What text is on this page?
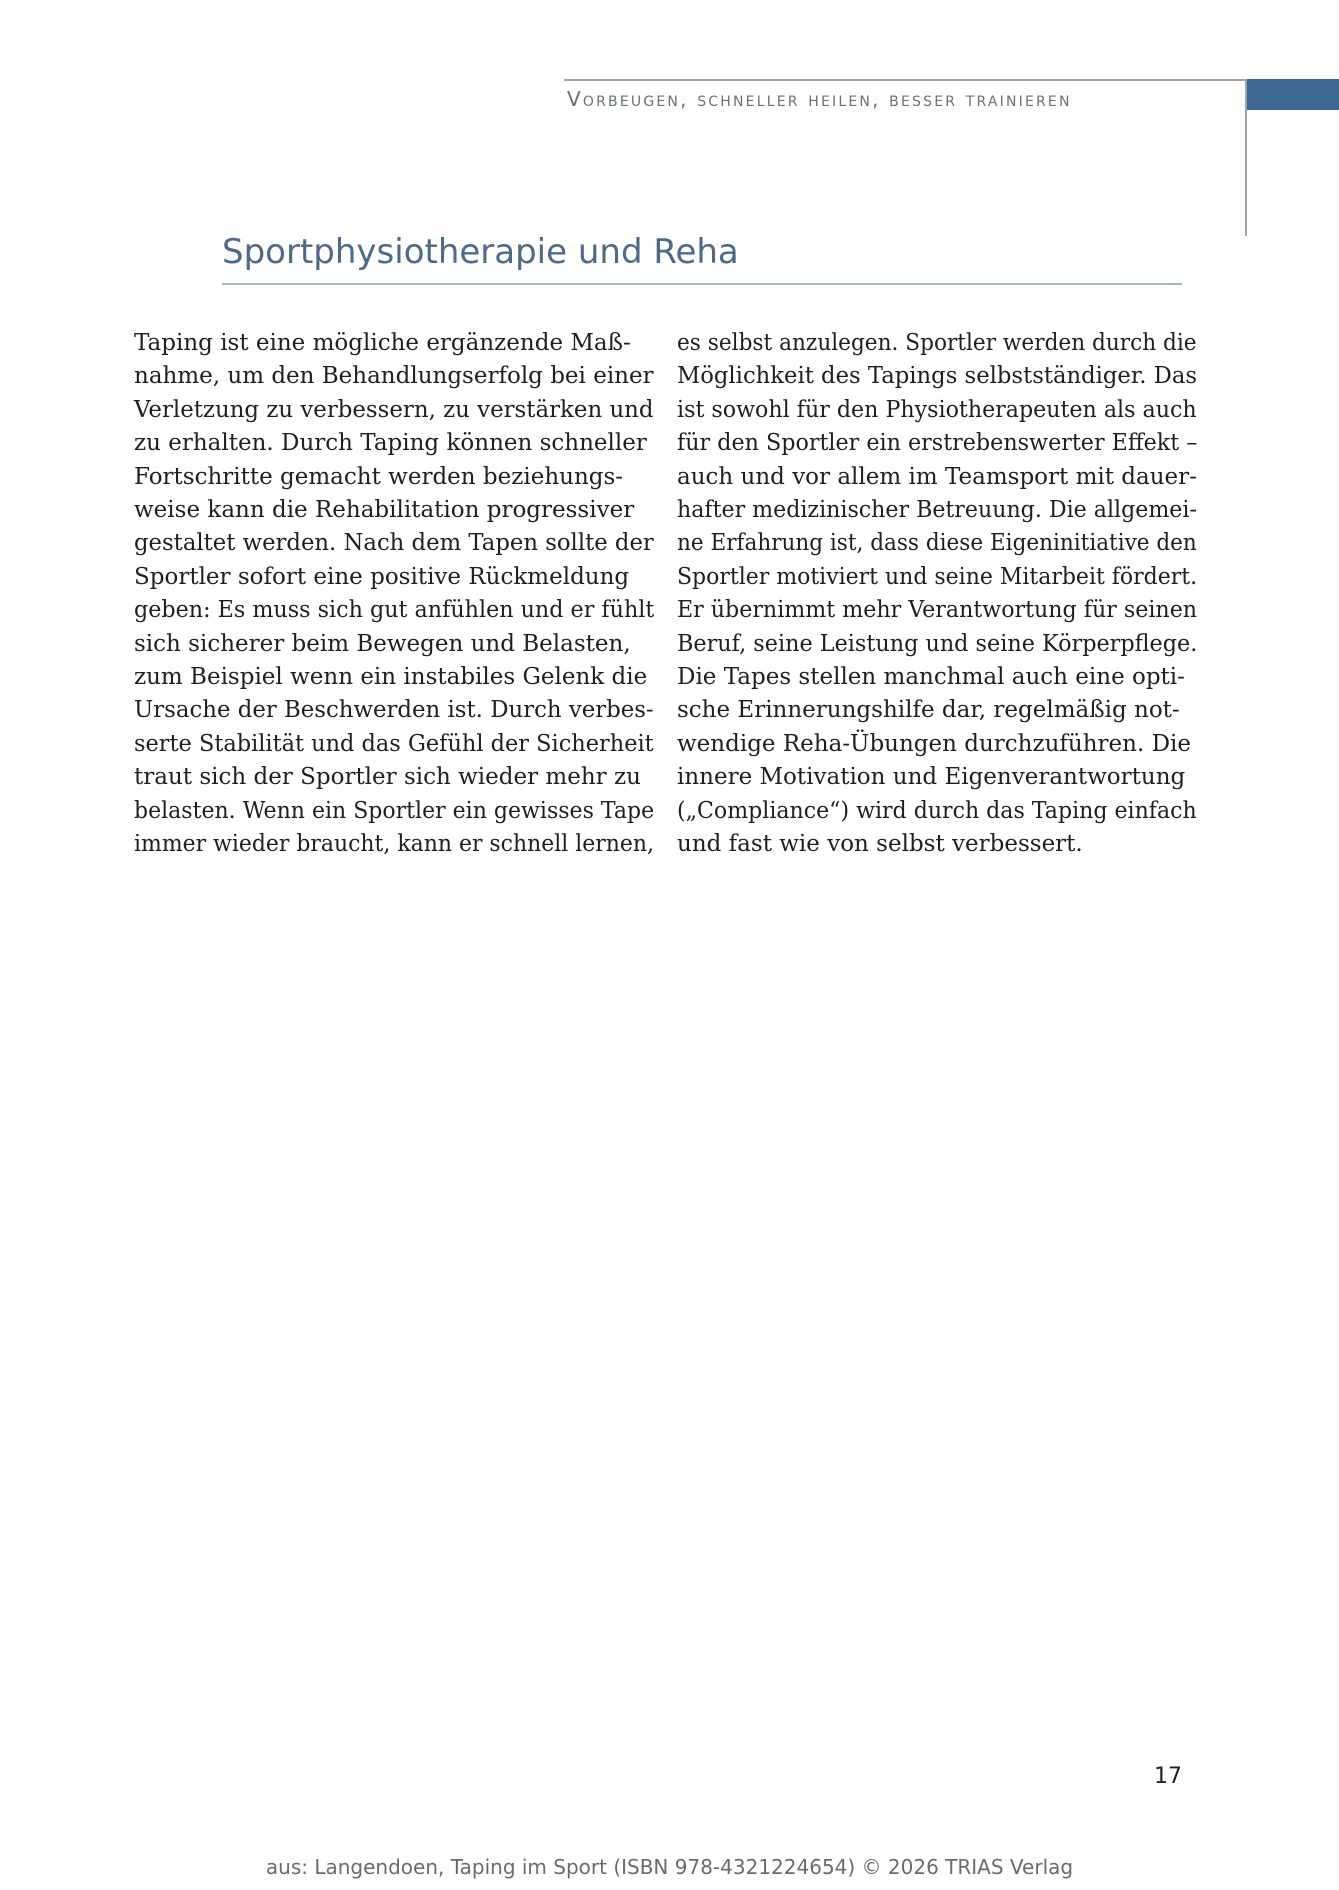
Vorbeugen, schneller heilen, besser trainieren
Sportphysiotherapie und Reha
Taping ist eine mögliche ergänzende Maß-
nahme, um den Behandlungserfolg bei einer
Verletzung zu verbessern, zu verstärken und
zu erhalten. Durch Taping können schneller
Fortschritte gemacht werden beziehungs-
weise kann die Rehabilitation progressiver
gestaltet werden. Nach dem Tapen sollte der
Sportler sofort eine positive Rückmeldung
geben: Es muss sich gut anfühlen und er fühlt
sich sicherer beim Bewegen und Belasten,
zum Beispiel wenn ein instabiles Gelenk die
Ursache der Beschwerden ist. Durch verbes-
serte Stabilität und das Gefühl der Sicherheit
traut sich der Sportler sich wieder mehr zu
belasten. Wenn ein Sportler ein gewisses Tape
immer wieder braucht, kann er schnell lernen,
es selbst anzulegen. Sportler werden durch die
Möglichkeit des Tapings selbstständiger. Das
ist sowohl für den Physiotherapeuten als auch
für den Sportler ein erstrebenswerter Effekt –
auch und vor allem im Teamsport mit dauer-
hafter medizinischer Betreuung. Die allgemei-
ne Erfahrung ist, dass diese Eigeninitiative den
Sportler motiviert und seine Mitarbeit fördert.
Er übernimmt mehr Verantwortung für seinen
Beruf, seine Leistung und seine Körperpflege.
Die Tapes stellen manchmal auch eine opti-
sche Erinnerungshilfe dar, regelmäßig not-
wendige Reha-Übungen durchzuführen. Die
innere Motivation und Eigenverantwortung
(„Compliance“) wird durch das Taping einfach
und fast wie von selbst verbessert.
17
aus: Langendoen, Taping im Sport (ISBN 978-4321224654) © 2026 TRIAS Verlag
